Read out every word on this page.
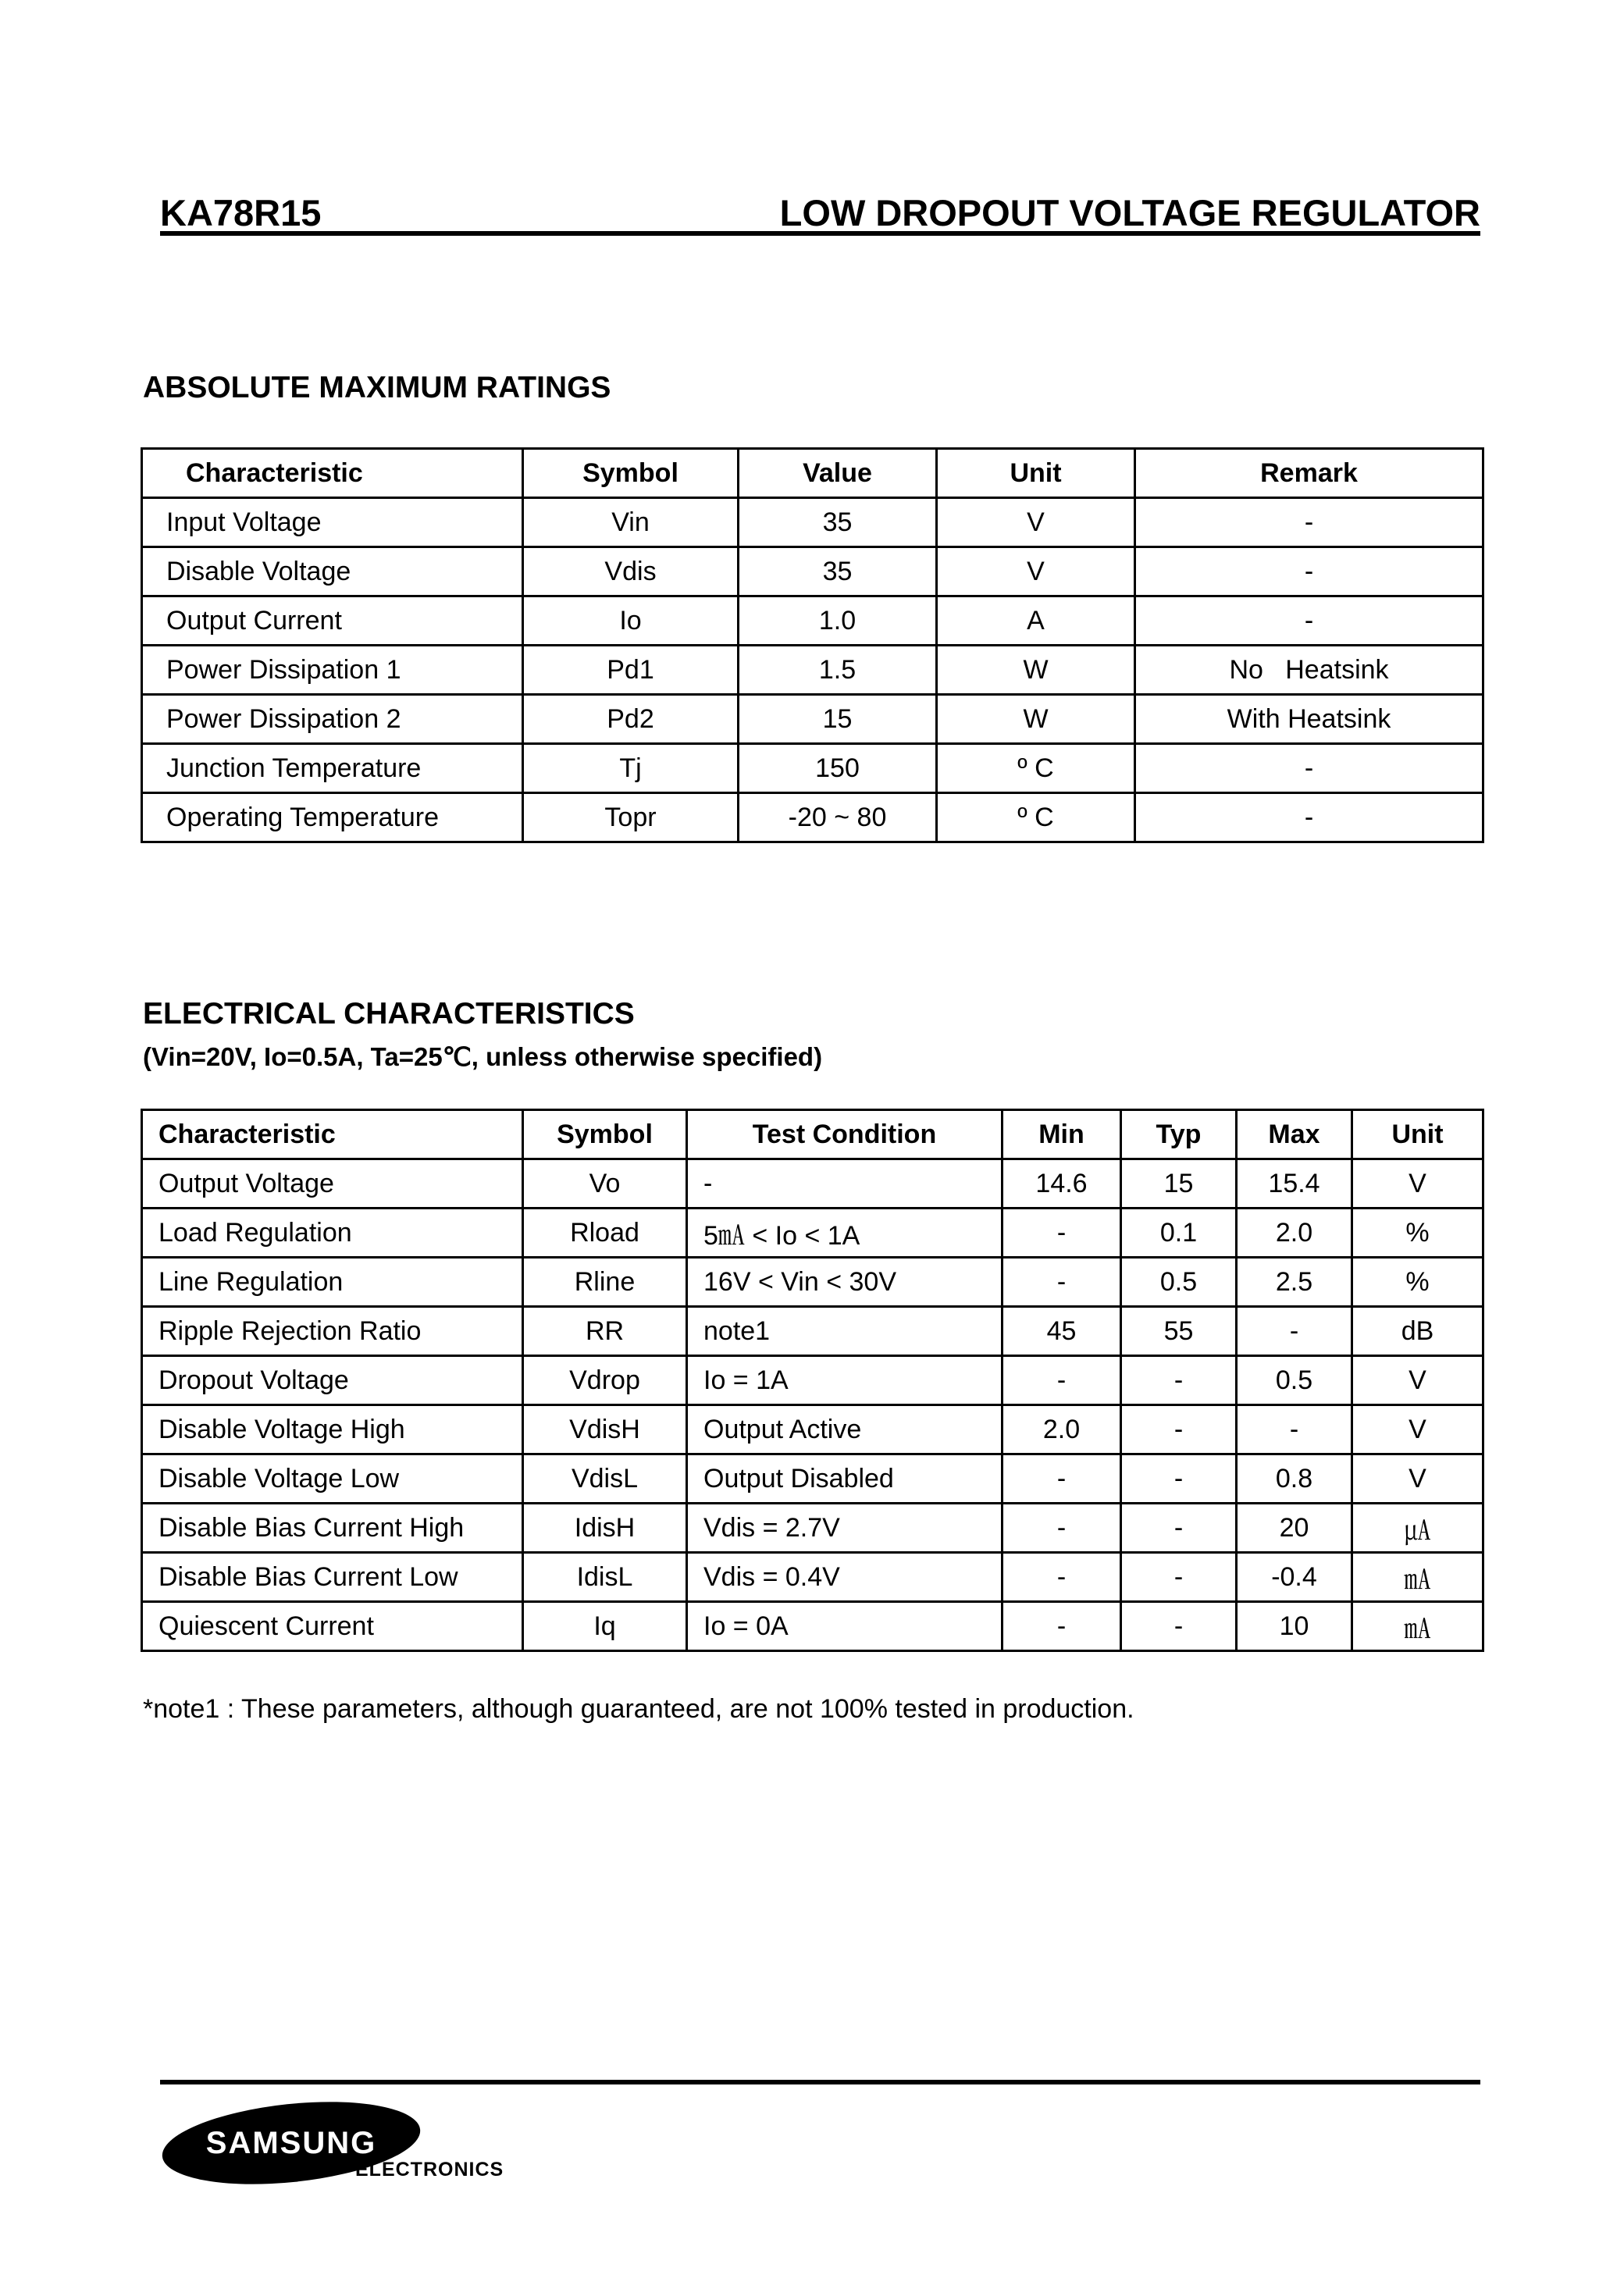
KA78R15	LOW DROPOUT VOLTAGE REGULATOR
ABSOLUTE MAXIMUM RATINGS
Characteristic	Symbol	Value	Unit	Remark
Input Voltage	Vin	35	V	-
Disable Voltage	Vdis	35	V	-
Output Current	Io	1.0	A	-
Power Dissipation 1	Pd1	1.5	W	No   Heatsink
Power Dissipation 2	Pd2	15	W	With Heatsink
Junction Temperature	Tj	150	º C	-
Operating Temperature	Topr	-20 ~ 80	º C	-
ELECTRICAL CHARACTERISTICS
(Vin=20V, Io=0.5A, Ta=25℃, unless otherwise specified)
Characteristic	Symbol	Test Condition	Min	Typ	Max	Unit
Output Voltage	Vo	-	14.6	15	15.4	V
Load Regulation	Rload	5㎃ < Io < 1A	-	0.1	2.0	%
Line Regulation	Rline	16V < Vin < 30V	-	0.5	2.5	%
Ripple Rejection Ratio	RR	note1	45	55	-	dB
Dropout Voltage	Vdrop	Io = 1A	-	-	0.5	V
Disable Voltage High	VdisH	Output Active	2.0	-	-	V
Disable Voltage Low	VdisL	Output Disabled	-	-	0.8	V
Disable Bias Current High	IdisH	Vdis = 2.7V	-	-	20	㎂
Disable Bias Current Low	IdisL	Vdis = 0.4V	-	-	-0.4	㎃
Quiescent Current	Iq	Io = 0A	-	-	10	㎃
*note1 : These parameters, although guaranteed, are not 100% tested in production.
SAMSUNG
ELECTRONICS
